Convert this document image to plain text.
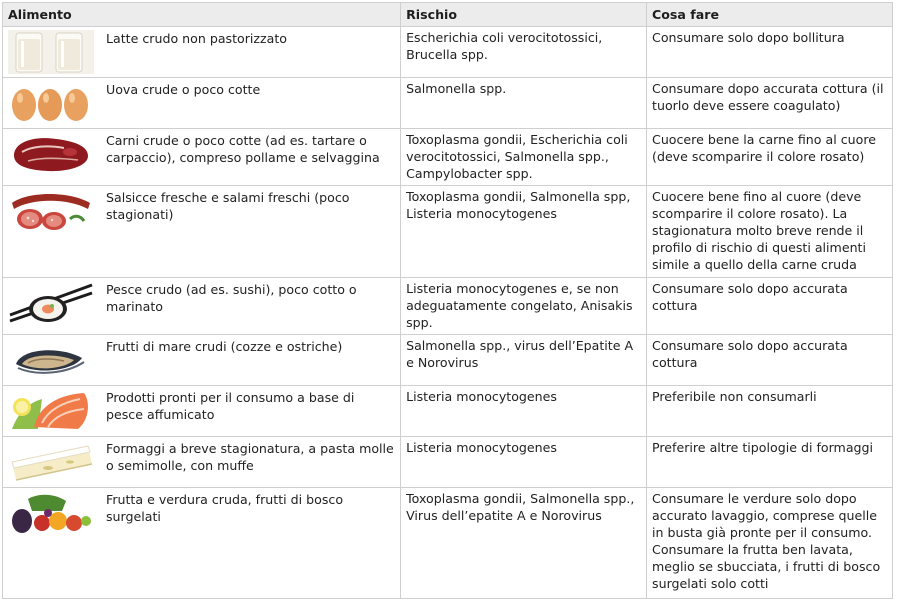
Alimento	Rischio	Cosa fare

Latte crudo non pastorizzato	Escherichia coli verocitotossici, Brucella spp.	Consumare solo dopo bollitura

Uova crude o poco cotte	Salmonella spp.	Consumare dopo accurata cottura (il tuorlo deve essere coagulato)

Carni crude o poco cotte (ad es. tartare o carpaccio), compreso pollame e selvaggina	Toxoplasma gondii, Escherichia coli verocitotossici, Salmonella spp., Campylobacter spp.	Cuocere bene la carne fino al cuore (deve scomparire il colore rosato)

Salsicce fresche e salami freschi (poco stagionati)	Toxoplasma gondii, Salmonella spp, Listeria monocytogenes	Cuocere bene fino al cuore (deve scomparire il colore rosato). La stagionatura molto breve rende il profilo di rischio di questi alimenti simile a quello della carne cruda

Pesce crudo (ad es. sushi), poco cotto o marinato	Listeria monocytogenes e, se non adeguatamente congelato, Anisakis spp.	Consumare solo dopo accurata cottura

Frutti di mare crudi (cozze e ostriche)	Salmonella spp., virus dell’Epatite A e Norovirus	Consumare solo dopo accurata cottura

Prodotti pronti per il consumo a base di pesce affumicato	Listeria monocytogenes	Preferibile non consumarli

Formaggi a breve stagionatura, a pasta molle o semimolle, con muffe	Listeria monocytogenes	Preferire altre tipologie di formaggi

Frutta e verdura cruda, frutti di bosco surgelati	Toxoplasma gondii, Salmonella spp., Virus dell’epatite A e Norovirus	Consumare le verdure solo dopo accurato lavaggio, comprese quelle in busta già pronte per il consumo. Consumare la frutta ben lavata, meglio se sbucciata, i frutti di bosco surgelati solo cotti
